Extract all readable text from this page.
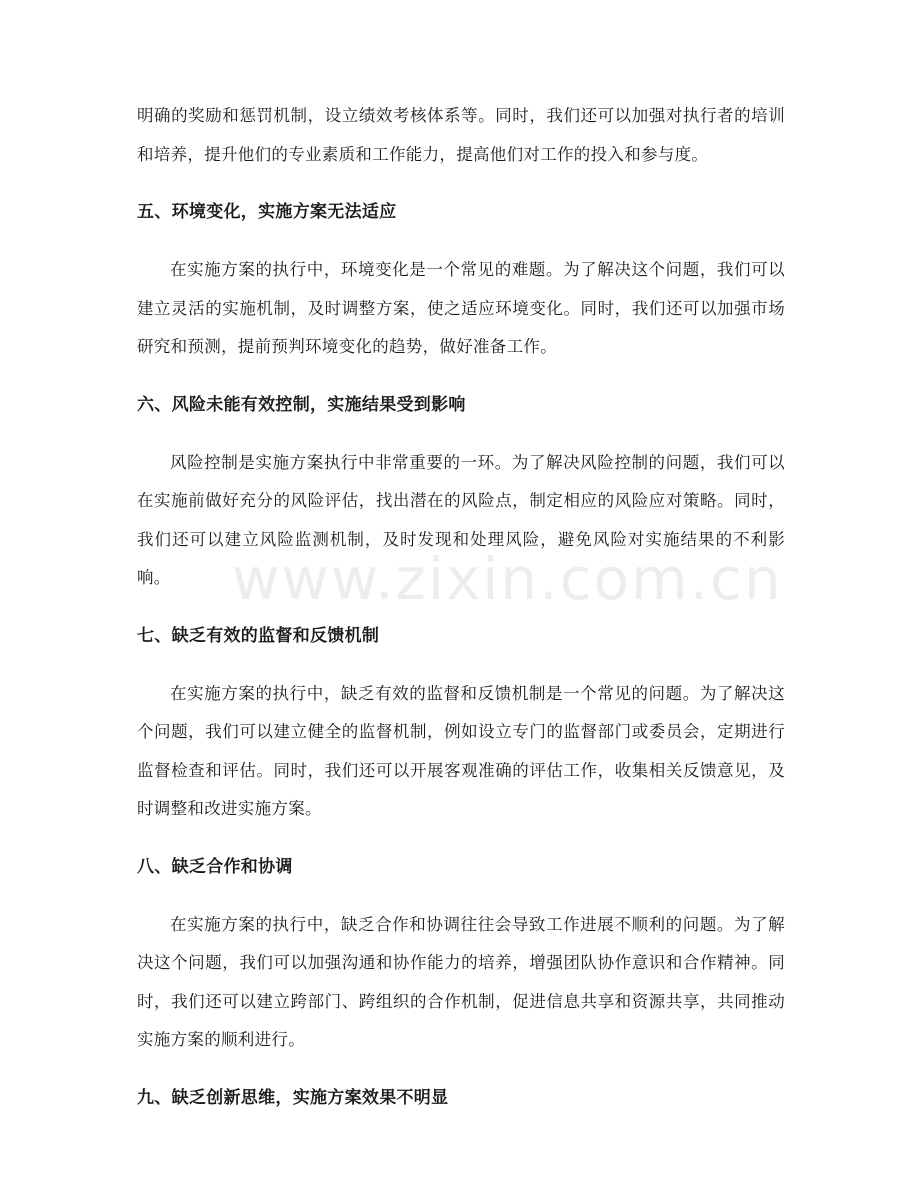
www.zixin.com.cn

明确的奖励和惩罚机制，设立绩效考核体系等。同时，我们还可以加强对执行者的培训和培养，提升他们的专业素质和工作能力，提高他们对工作的投入和参与度。

五、环境变化，实施方案无法适应

在实施方案的执行中，环境变化是一个常见的难题。为了解决这个问题，我们可以建立灵活的实施机制，及时调整方案，使之适应环境变化。同时，我们还可以加强市场研究和预测，提前预判环境变化的趋势，做好准备工作。

六、风险未能有效控制，实施结果受到影响

风险控制是实施方案执行中非常重要的一环。为了解决风险控制的问题，我们可以在实施前做好充分的风险评估，找出潜在的风险点，制定相应的风险应对策略。同时，我们还可以建立风险监测机制，及时发现和处理风险，避免风险对实施结果的不利影响。

七、缺乏有效的监督和反馈机制

在实施方案的执行中，缺乏有效的监督和反馈机制是一个常见的问题。为了解决这个问题，我们可以建立健全的监督机制，例如设立专门的监督部门或委员会，定期进行监督检查和评估。同时，我们还可以开展客观准确的评估工作，收集相关反馈意见，及时调整和改进实施方案。

八、缺乏合作和协调

在实施方案的执行中，缺乏合作和协调往往会导致工作进展不顺利的问题。为了解决这个问题，我们可以加强沟通和协作能力的培养，增强团队协作意识和合作精神。同时，我们还可以建立跨部门、跨组织的合作机制，促进信息共享和资源共享，共同推动实施方案的顺利进行。

九、缺乏创新思维，实施方案效果不明显
